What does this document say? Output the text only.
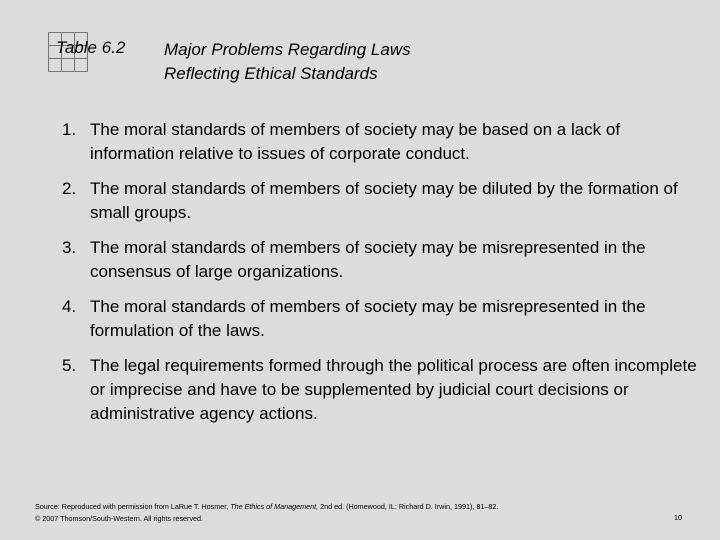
Table 6.2 Major Problems Regarding Laws
Reflecting Ethical Standards
1. The moral standards of members of society may be based on a lack of information relative to issues of corporate conduct.
2. The moral standards of members of society may be diluted by the formation of small groups.
3. The moral standards of members of society may be misrepresented in the consensus of large organizations.
4. The moral standards of members of society may be misrepresented in the formulation of the laws.
5. The legal requirements formed through the political process are often incomplete or imprecise and have to be supplemented by judicial court decisions or administrative agency actions.
Source: Reproduced with permission from LaRue T. Hosmer, The Ethics of Management, 2nd ed. (Homewood, IL: Richard D. Irwin, 1991), 81–82.
© 2007 Thomson/South-Western. All rights reserved.	10
